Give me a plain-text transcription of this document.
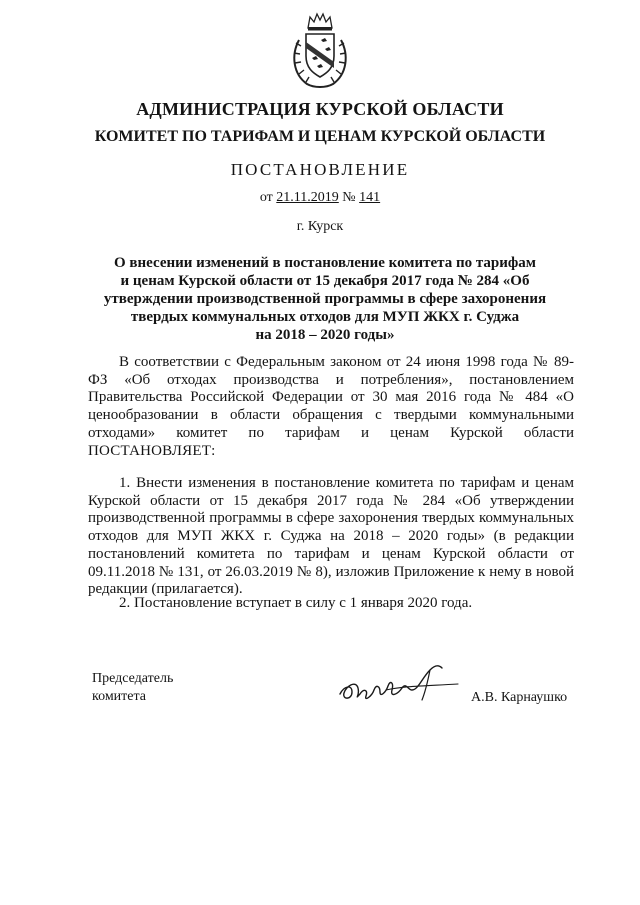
АДМИНИСТРАЦИЯ КУРСКОЙ ОБЛАСТИ
КОМИТЕТ ПО ТАРИФАМ И ЦЕНАМ КУРСКОЙ ОБЛАСТИ
ПОСТАНОВЛЕНИЕ
от 21.11.2019 № 141
г. Курск
О внесении изменений в постановление комитета по тарифам
и ценам Курской области от 15 декабря 2017 года № 284 «Об
утверждении производственной программы в сфере захоронения
твердых коммунальных отходов для МУП ЖКХ г. Суджа
на 2018 – 2020 годы»
В соответствии с Федеральным законом от 24 июня 1998 года № 89-ФЗ «Об отходах производства и потребления», постановлением Правительства Российской Федерации от 30 мая 2016 года № 484 «О ценообразовании в области обращения с твердыми коммунальными отходами» комитет по тарифам и ценам Курской области ПОСТАНОВЛЯЕТ:
1. Внести изменения в постановление комитета по тарифам и ценам Курской области от 15 декабря 2017 года № 284 «Об утверждении производственной программы в сфере захоронения твердых коммунальных отходов для МУП ЖКХ г. Суджа на 2018 – 2020 годы» (в редакции постановлений комитета по тарифам и ценам Курской области от 09.11.2018 № 131, от 26.03.2019 № 8), изложив Приложение к нему в новой редакции (прилагается).
2. Постановление вступает в силу с 1 января 2020 года.
Председатель
комитета	А.В. Карнаушко
